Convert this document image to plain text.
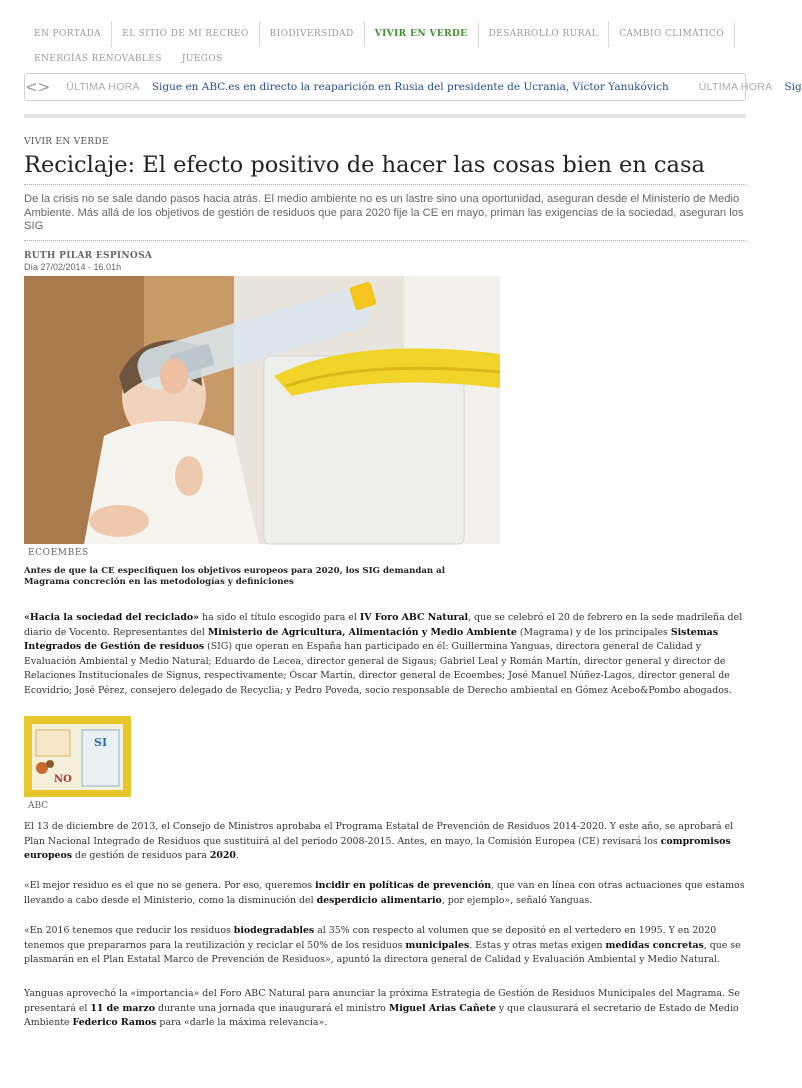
EN PORTADA	EL SITIO DE MI RECREO	BIODIVERSIDAD	VIVIR EN VERDE	DESARROLLO RURAL	CAMBIO CLIMÁTICO
ENERGÍAS RENOVABLES	JUEGOS
< > ÚLTIMA HORA Sigue en ABC.es en directo la reaparición en Rusia del presidente de Ucrania, Víctor Yanukóvich	ÚLTIMA HORA Sig
VIVIR EN VERDE
Reciclaje: El efecto positivo de hacer las cosas bien en casa

De la crisis no se sale dando pasos hacia atrás. El medio ambiente no es un lastre sino una oportunidad, aseguran desde el Ministerio de Medio Ambiente. Más allá de los objetivos de gestión de residuos que para 2020 fije la CE en mayo, priman las exigencias de la sociedad, aseguran los SIG

RUTH PILAR ESPINOSA
Día 27/02/2014 - 16.01h
ECOEMBES

Antes de que la CE especifiquen los objetivos europeos para 2020, los SIG demandan al Magrama concreción en las metodologías y definiciones

«Hacia la sociedad del reciclado» ha sido el título escogido para el IV Foro ABC Natural, que se celebró el 20 de febrero en la sede madrileña del diario de Vocento. Representantes del Ministerio de Agricultura, Alimentación y Medio Ambiente (Magrama) y de los principales Sistemas Integrados de Gestión de residuos (SIG) que operan en España han participado en él: Guillermina Yanguas, directora general de Calidad y Evaluación Ambiental y Medio Natural; Eduardo de Lecea, director general de Sigaus; Gabriel Leal y Román Martín, director general y director de Relaciones Institucionales de Signus, respectivamente; Óscar Martín, director general de Ecoembes; José Manuel Núñez-Lagos, director general de Ecovidrio; José Pérez, consejero delegado de Recyclia; y Pedro Poveda, socio responsable de Derecho ambiental en Gómez Acebo&Pombo abogados.

SI
NO
ABC

El 13 de diciembre de 2013, el Consejo de Ministros aprobaba el Programa Estatal de Prevención de Residuos 2014-2020. Y este año, se aprobará el Plan Nacional Integrado de Residuos que sustituirá al del periodo 2008-2015. Antes, en mayo, la Comisión Europea (CE) revisará los compromisos europeos de gestión de residuos para 2020.

«El mejor residuo es el que no se genera. Por eso, queremos incidir en políticas de prevención, que van en línea con otras actuaciones que estamos llevando a cabo desde el Ministerio, como la disminución del desperdicio alimentario, por ejemplo», señaló Yanguas.

«En 2016 tenemos que reducir los residuos biodegradables al 35% con respecto al volumen que se depositó en el vertedero en 1995. Y en 2020 tenemos que prepararnos para la reutilización y reciclar el 50% de los residuos municipales. Estas y otras metas exigen medidas concretas, que se plasmarán en el Plan Estatal Marco de Prevención de Residuos», apuntó la directora general de Calidad y Evaluación Ambiental y Medio Natural.

Yanguas aprovechó la «importancia» del Foro ABC Natural para anunciar la próxima Estrategia de Gestión de Residuos Municipales del Magrama. Se presentará el 11 de marzo durante una jornada que inaugurará el ministro Miguel Arias Cañete y que clausurará el secretario de Estado de Medio Ambiente Federico Ramos para «darle la máxima relevancia».
